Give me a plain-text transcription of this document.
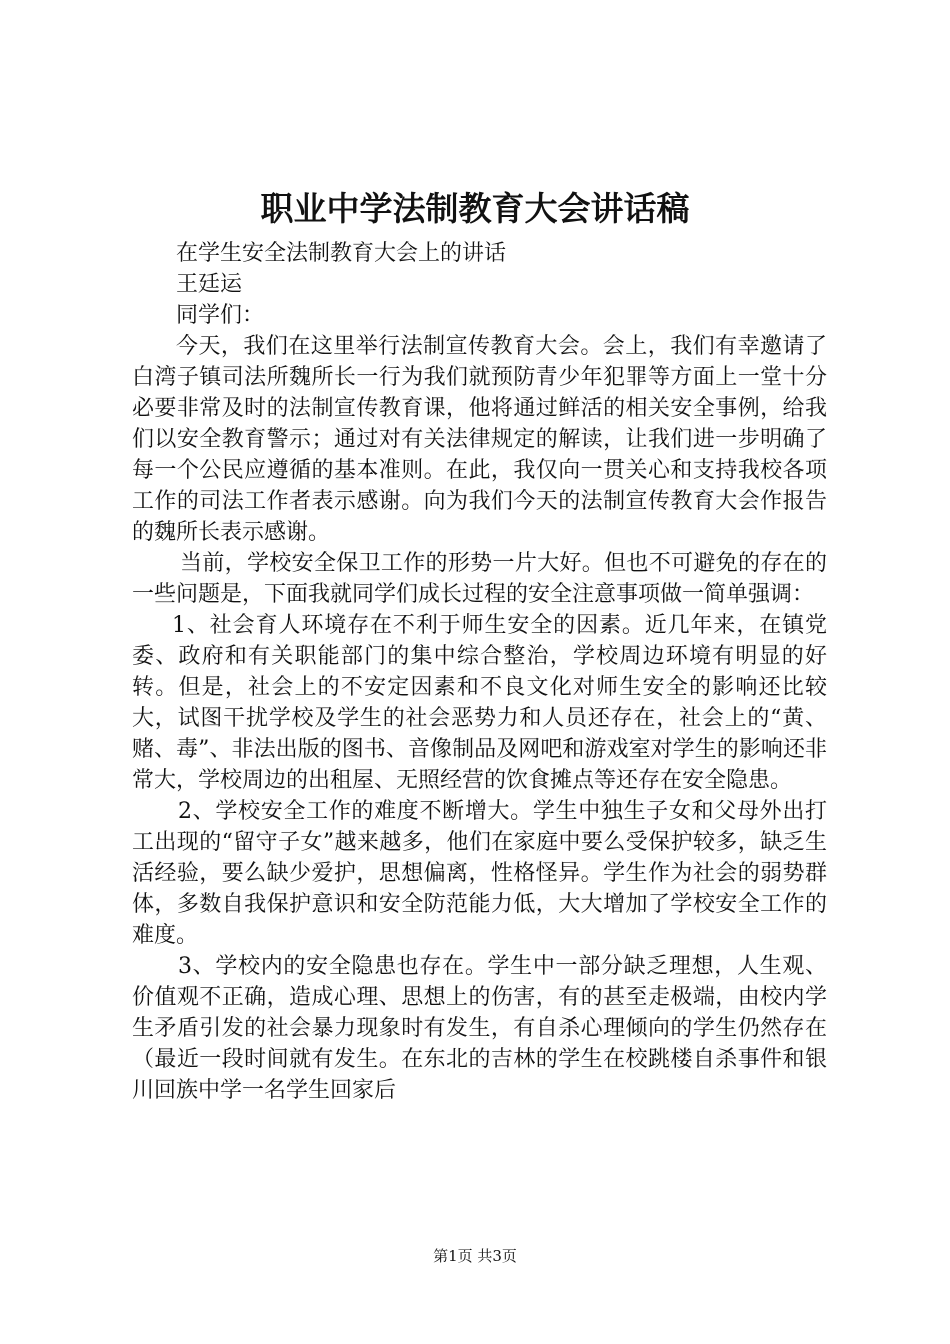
职业中学法制教育大会讲话稿

在学生安全法制教育大会上的讲话

王廷运

同学们：

今天，我们在这里举行法制宣传教育大会。会上，我们有幸邀请了白湾子镇司法所魏所长一行为我们就预防青少年犯罪等方面上一堂十分必要非常及时的法制宣传教育课，他将通过鲜活的相关安全事例，给我们以安全教育警示；通过对有关法律规定的解读，让我们进一步明确了每一个公民应遵循的基本准则。在此，我仅向一贯关心和支持我校各项工作的司法工作者表示感谢。向为我们今天的法制宣传教育大会作报告的魏所长表示感谢。

当前，学校安全保卫工作的形势一片大好。但也不可避免的存在的一些问题是，下面我就同学们成长过程的安全注意事项做一简单强调：

1、社会育人环境存在不利于师生安全的因素。近几年来，在镇党委、政府和有关职能部门的集中综合整治，学校周边环境有明显的好转。但是，社会上的不安定因素和不良文化对师生安全的影响还比较大，试图干扰学校及学生的社会恶势力和人员还存在，社会上的“黄、赌、毒”、非法出版的图书、音像制品及网吧和游戏室对学生的影响还非常大，学校周边的出租屋、无照经营的饮食摊点等还存在安全隐患。

2、学校安全工作的难度不断增大。学生中独生子女和父母外出打工出现的“留守子女”越来越多，他们在家庭中要么受保护较多，缺乏生活经验，要么缺少爱护，思想偏离，性格怪异。学生作为社会的弱势群体，多数自我保护意识和安全防范能力低，大大增加了学校安全工作的难度。

3、学校内的安全隐患也存在。学生中一部分缺乏理想，人生观、价值观不正确，造成心理、思想上的伤害，有的甚至走极端，由校内学生矛盾引发的社会暴力现象时有发生，有自杀心理倾向的学生仍然存在（最近一段时间就有发生。在东北的吉林的学生在校跳楼自杀事件和银川回族中学一名学生回家后

第1页 共3页
